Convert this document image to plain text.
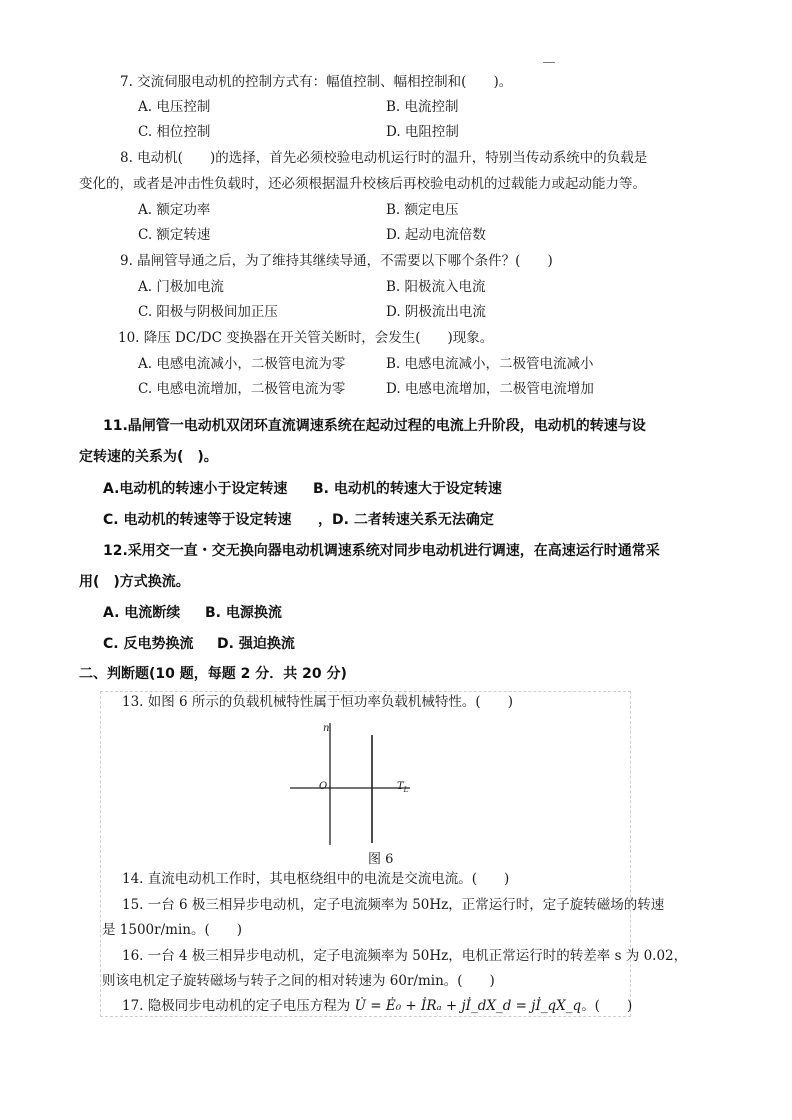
7. 交流伺服电动机的控制方式有：幅值控制、幅相控制和(　　)。
A. 电压控制	B. 电流控制
C. 相位控制	D. 电阻控制
8. 电动机(　　)的选择，首先必须校验电动机运行时的温升，特别当传动系统中的负载是
变化的，或者是冲击性负载时，还必须根据温升校核后再校验电动机的过载能力或起动能力等。
A. 额定功率	B. 额定电压
C. 额定转速	D. 起动电流倍数
9. 晶闸管导通之后，为了维持其继续导通，不需要以下哪个条件？(　　)
A. 门极加电流	B. 阳极流入电流
C. 阳极与阴极间加正压	D. 阴极流出电流
10. 降压 DC/DC 变换器在开关管关断时，会发生(　　)现象。
A. 电感电流减小，二极管电流为零	B. 电感电流减小，二极管电流减小
C. 电感电流增加，二极管电流为零	D. 电感电流增加，二极管电流增加
11.晶闸管一电动机双闭环直流调速系统在起动过程的电流上升阶段，电动机的转速与设
定转速的关系为(　)。
A.电动机的转速小于设定转速 B. 电动机的转速大于设定转速
C. 电动机的转速等于设定转速 ，D. 二者转速关系无法确定
12.采用交一直・交无换向器电动机调速系统对同步电动机进行调速，在高速运行时通常采
用(　)方式换流。
A. 电流断续 B. 电源换流
C. 反电势换流 D. 强迫换流
二、判断题(10 题，每题 2 分．共 20 分)
13. 如图 6 所示的负载机械特性属于恒功率负载机械特性。(　　)
n
O	$T_L$
图 6
14. 直流电动机工作时，其电枢绕组中的电流是交流电流。(　　)
15. 一台 6 极三相异步电动机，定子电流频率为 50Hz，正常运行时，定子旋转磁场的转速
是 1500r/min。(　　)
16. 一台 4 极三相异步电动机，定子电流频率为 50Hz，电机正常运行时的转差率 s 为 0.02，
则该电机定子旋转磁场与转子之间的相对转速为 60r/min。(　　)
17. 隐极同步电动机的定子电压方程为 U̇ = Ė₀ + İRₐ + jİ_dX_d = jİ_qX_q。(　　)
